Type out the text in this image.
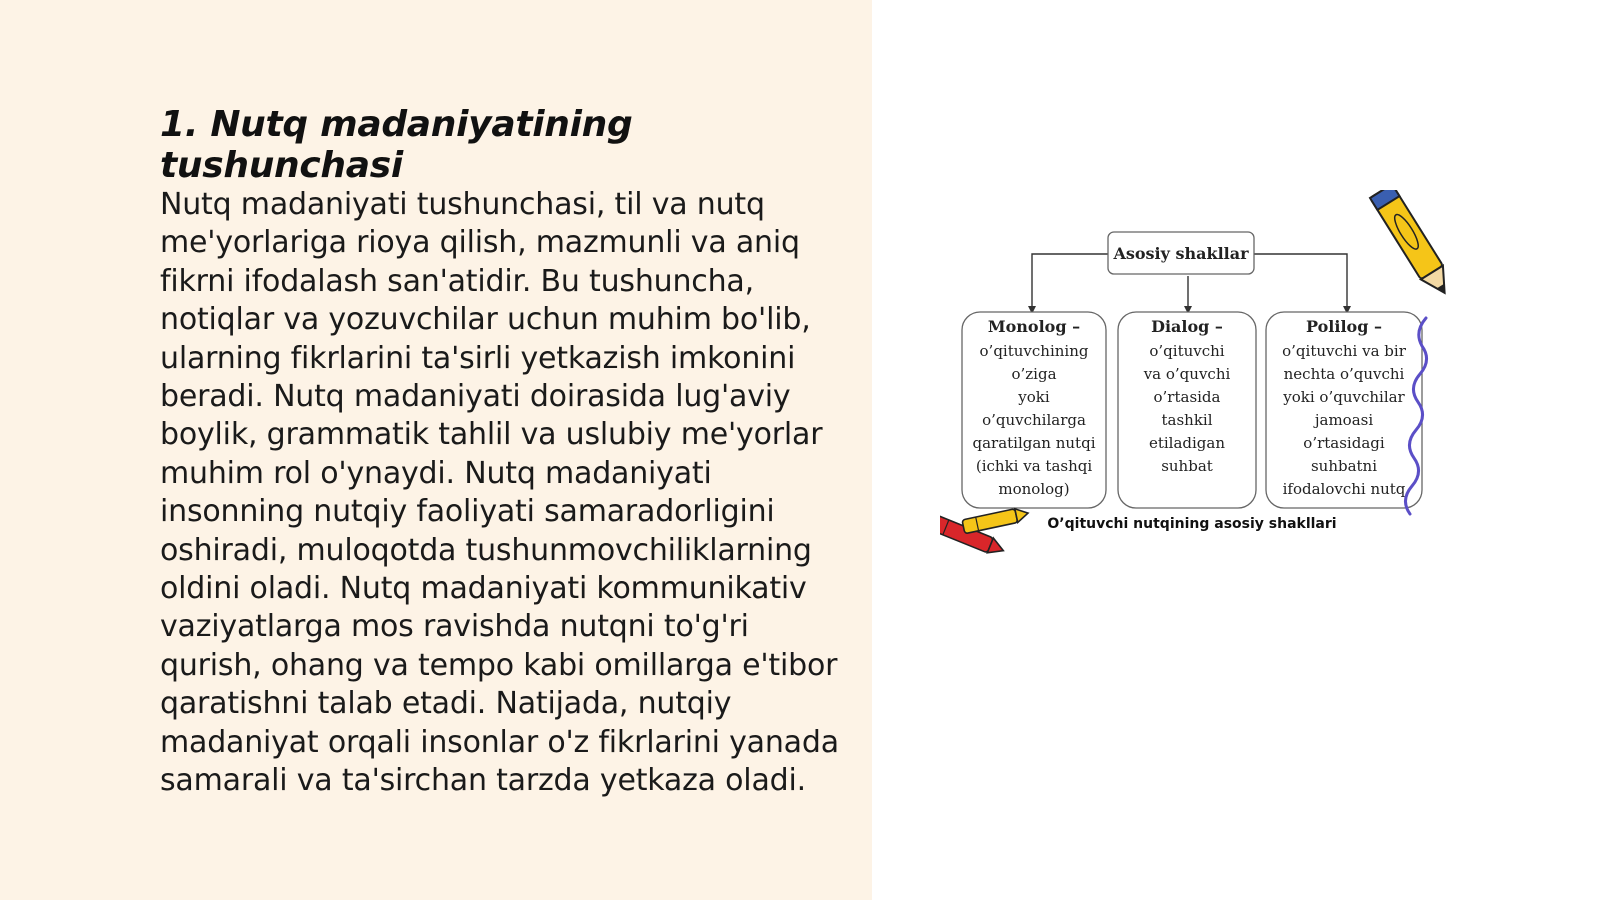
1. Nutq madaniyatining tushunchasi

Nutq madaniyati tushunchasi, til va nutq me'yorlariga rioya qilish, mazmunli va aniq fikrni ifodalash san'atidir. Bu tushuncha, notiqlar va yozuvchilar uchun muhim bo'lib, ularning fikrlarini ta'sirli yetkazish imkonini beradi. Nutq madaniyati doirasida lug'aviy boylik, grammatik tahlil va uslubiy me'yorlar muhim rol o'ynaydi. Nutq madaniyati insonning nutqiy faoliyati samaradorligini oshiradi, muloqotda tushunmovchiliklarning oldini oladi. Nutq madaniyati kommunikativ vaziyatlarga mos ravishda nutqni to'g'ri qurish, ohang va tempo kabi omillarga e'tibor qaratishni talab etadi. Natijada, nutqiy madaniyat orqali insonlar o'z fikrlarini yanada samarali va ta'sirchan tarzda yetkaza oladi.

Asosiy shakllar
Monolog –
o’qituvchining
o’ziga
yoki
o’quvchilarga
qaratilgan nutqi
(ichki va tashqi
monolog)
Dialog –
o’qituvchi
va o’quvchi
o’rtasida
tashkil
etiladigan
suhbat
Polilog –
o’qituvchi va bir
nechta o’quvchi
yoki o’quvchilar
jamoasi
o’rtasidagi
suhbatni
ifodalovchi nutq
O’qituvchi nutqining asosiy shakllari
